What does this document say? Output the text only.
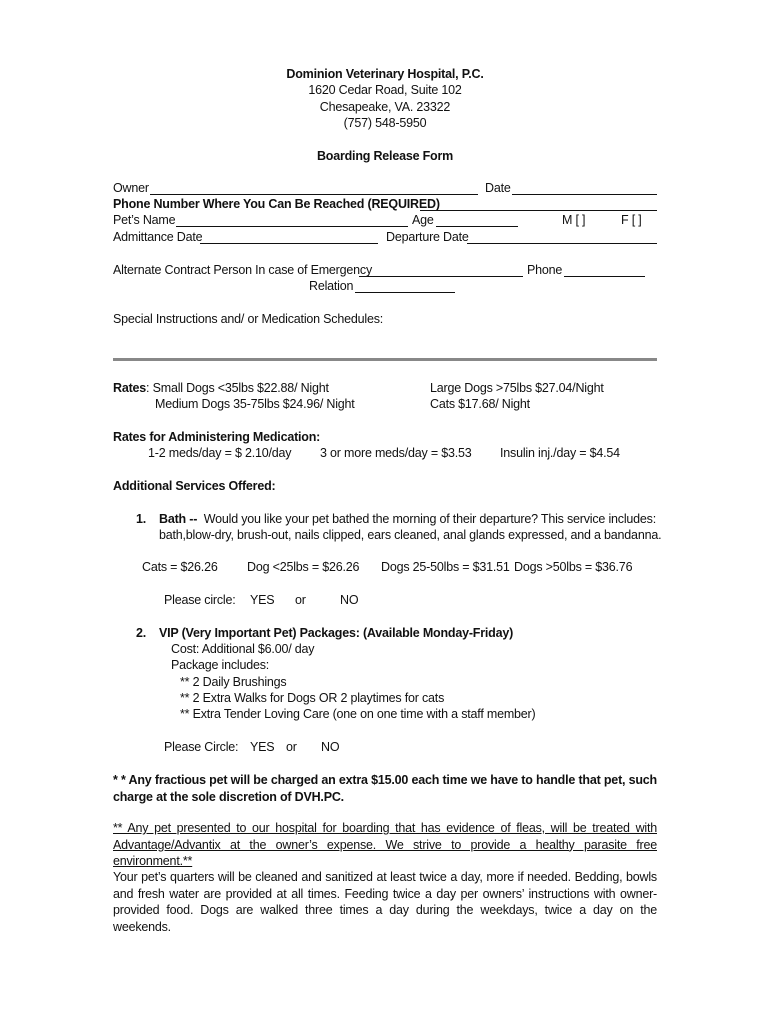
Dominion Veterinary Hospital, P.C.
1620 Cedar Road, Suite 102
Chesapeake, VA. 23322
(757) 548-5950
Boarding Release Form
Owner	Date
Phone Number Where You Can Be Reached (REQUIRED)
Pet’s Name	Age	M [ ]	F [ ]
Admittance Date	Departure Date
Alternate Contract Person In case of Emergency	Phone
Relation
Special Instructions and/ or Medication Schedules:
Rates: Small Dogs <35lbs $22.88/ Night
Medium Dogs 35-75lbs $24.96/ Night
Large Dogs >75lbs $27.04/Night
Cats $17.68/ Night
Rates for Administering Medication:
1-2 meds/day = $ 2.10/day 3 or more meds/day = $3.53 Insulin inj./day = $4.54
Additional Services Offered:
1. Bath -- Would you like your pet bathed the morning of their departure? This service includes:
bath,blow-dry, brush-out, nails clipped, ears cleaned, anal glands expressed, and a bandanna.
Cats = $26.26 Dog <25lbs = $26.26 Dogs 25-50lbs = $31.51 Dogs >50lbs = $36.76
Please circle: YES or	NO
2. VIP (Very Important Pet) Packages: (Available Monday-Friday)
Cost: Additional $6.00/ day
Package includes:
** 2 Daily Brushings
** 2 Extra Walks for Dogs OR 2 playtimes for cats
** Extra Tender Loving Care (one on one time with a staff member)
Please Circle: YES or NO
* * Any fractious pet will be charged an extra $15.00 each time we have to handle that pet, such charge at the sole discretion of DVH.PC.
** Any pet presented to our hospital for boarding that has evidence of fleas, will be treated with Advantage/Advantix at the owner’s expense. We strive to provide a healthy parasite free environment.**
Your pet’s quarters will be cleaned and sanitized at least twice a day, more if needed. Bedding, bowls and fresh water are provided at all times. Feeding twice a day per owners’ instructions with owner-provided food. Dogs are walked three times a day during the weekdays, twice a day on the weekends.
